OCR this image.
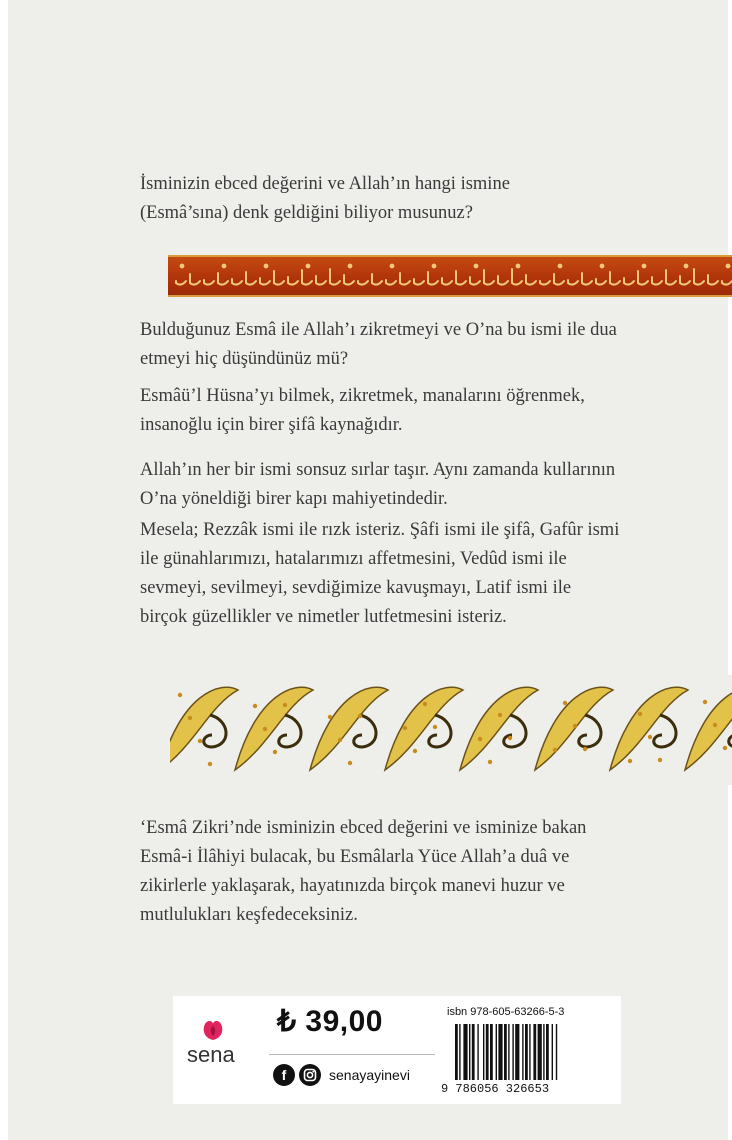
İsminizin ebced değerini ve Allah’ın hangi ismine
(Esmâ’sına) denk geldiğini biliyor musunuz?

Bulduğunuz Esmâ ile Allah’ı zikretmeyi ve O’na bu ismi ile dua etmeyi hiç düşündünüz mü?

Esmâü’l Hüsna’yı bilmek, zikretmek, manalarını öğrenmek, insanoğlu için birer şifâ kaynağıdır.

Allah’ın her bir ismi sonsuz sırlar taşır. Aynı zamanda kullarının O’na yöneldiği birer kapı mahiyetindedir.

Mesela; Rezzâk ismi ile rızk isteriz. Şâfi ismi ile şifâ, Gafûr ismi ile günahlarımızı, hatalarımızı affetmesini, Vedûd ismi ile sevmeyi, sevilmeyi, sevdiğimize kavuşmayı, Latif ismi ile birçok güzellikler ve nimetler lutfetmesini isteriz.

‘Esmâ Zikri’nde isminizin ebced değerini ve isminize bakan Esmâ-i İlâhiyi bulacak, bu Esmâlarla Yüce Allah’a duâ ve zikirlerle yaklaşarak, hayatınızda birçok manevi huzur ve mutlulukları keşfedeceksiniz.

sena
₺ 39,00
f	senayayinevi
isbn 978-605-63266-5-3
9 786056 326653
